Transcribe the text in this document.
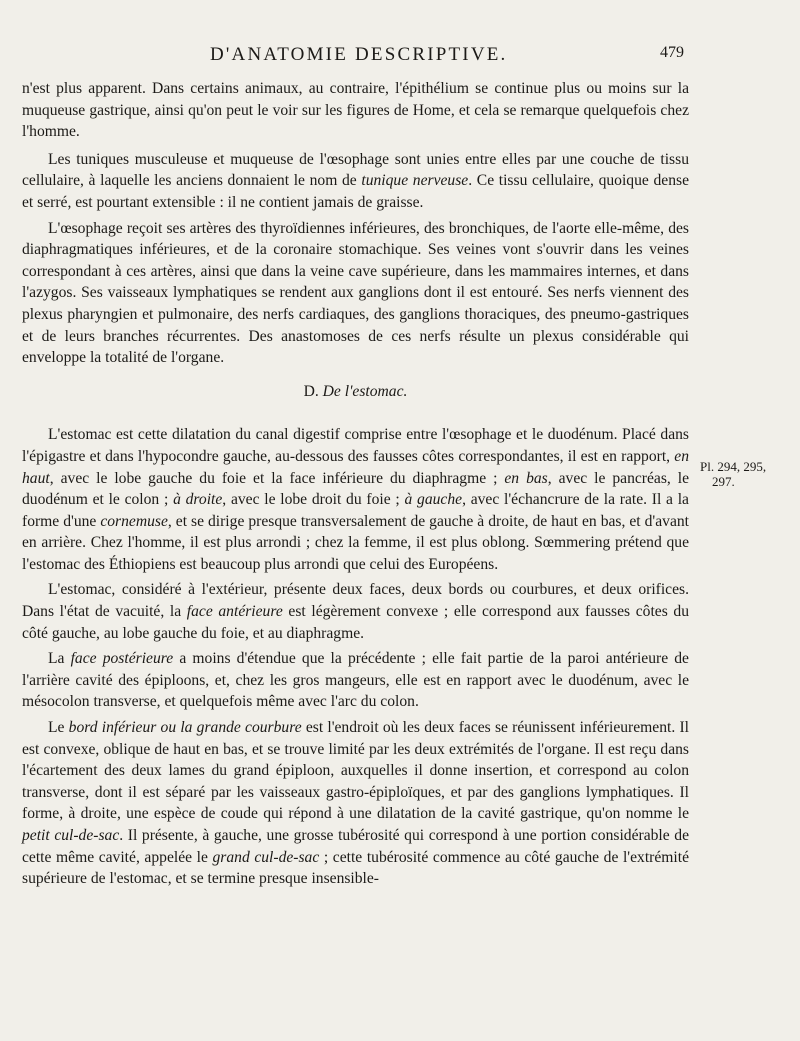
D'ANATOMIE DESCRIPTIVE.	479

n'est plus apparent. Dans certains animaux, au contraire, l'épithélium se continue plus ou moins sur la muqueuse gastrique, ainsi qu'on peut le voir sur les figures de Home, et cela se remarque quelquefois chez l'homme.

Les tuniques musculeuse et muqueuse de l'œsophage sont unies entre elles par une couche de tissu cellulaire, à laquelle les anciens donnaient le nom de tunique nerveuse. Ce tissu cellulaire, quoique dense et serré, est pourtant extensible : il ne contient jamais de graisse.

L'œsophage reçoit ses artères des thyroïdiennes inférieures, des bronchiques, de l'aorte elle-même, des diaphragmatiques inférieures, et de la coronaire stomachique. Ses veines vont s'ouvrir dans les veines correspondant à ces artères, ainsi que dans la veine cave supérieure, dans les mammaires internes, et dans l'azygos. Ses vaisseaux lymphatiques se rendent aux ganglions dont il est entouré. Ses nerfs viennent des plexus pharyngien et pulmonaire, des nerfs cardiaques, des ganglions thoraciques, des pneumo-gastriques et de leurs branches récurrentes. Des anastomoses de ces nerfs résulte un plexus considérable qui enveloppe la totalité de l'organe.

D. De l'estomac.

L'estomac est cette dilatation du canal digestif comprise entre l'œsophage et le duodénum. Placé dans l'épigastre et dans l'hypocondre gauche, au-dessous des fausses côtes correspondantes, il est en rapport, en haut, avec le lobe gauche du foie et la face inférieure du diaphragme ; en bas, avec le pancréas, le duodénum et le colon ; à droite, avec le lobe droit du foie ; à gauche, avec l'échancrure de la rate. Il a la forme d'une cornemuse, et se dirige presque transversalement de gauche à droite, de haut en bas, et d'avant en arrière. Chez l'homme, il est plus arrondi ; chez la femme, il est plus oblong. Sœmmering prétend que l'estomac des Éthiopiens est beaucoup plus arrondi que celui des Européens.

L'estomac, considéré à l'extérieur, présente deux faces, deux bords ou courbures, et deux orifices. Dans l'état de vacuité, la face antérieure est légèrement convexe ; elle correspond aux fausses côtes du côté gauche, au lobe gauche du foie, et au diaphragme.

La face postérieure a moins d'étendue que la précédente ; elle fait partie de la paroi antérieure de l'arrière cavité des épiploons, et, chez les gros mangeurs, elle est en rapport avec le duodénum, avec le mésocolon transverse, et quelquefois même avec l'arc du colon.

Le bord inférieur ou la grande courbure est l'endroit où les deux faces se réunissent inférieurement. Il est convexe, oblique de haut en bas, et se trouve limité par les deux extrémités de l'organe. Il est reçu dans l'écartement des deux lames du grand épiploon, auxquelles il donne insertion, et correspond au colon transverse, dont il est séparé par les vaisseaux gastro-épiploïques, et par des ganglions lymphatiques. Il forme, à droite, une espèce de coude qui répond à une dilatation de la cavité gastrique, qu'on nomme le petit cul-de-sac. Il présente, à gauche, une grosse tubérosité qui correspond à une portion considérable de cette même cavité, appelée le grand cul-de-sac ; cette tubérosité commence au côté gauche de l'extrémité supérieure de l'estomac, et se termine presque insensible-

Pl. 294, 295,
297.
